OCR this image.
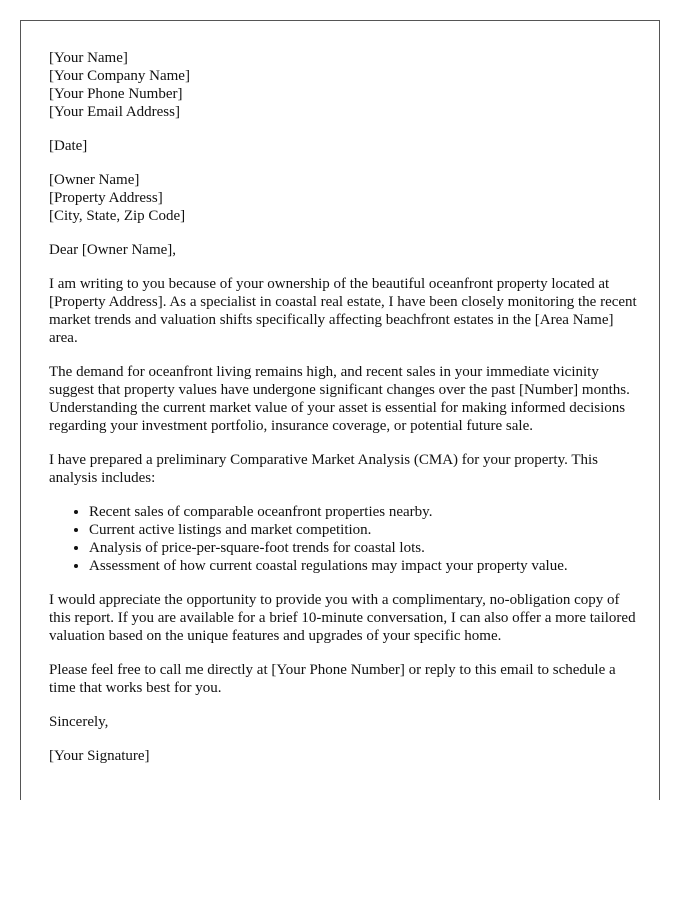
[Your Name]
[Your Company Name]
[Your Phone Number]
[Your Email Address]
[Date]
[Owner Name]
[Property Address]
[City, State, Zip Code]

Dear [Owner Name],

I am writing to you because of your ownership of the beautiful oceanfront property located at [Property Address]. As a specialist in coastal real estate, I have been closely monitoring the recent market trends and valuation shifts specifically affecting beachfront estates in the [Area Name] area.

The demand for oceanfront living remains high, and recent sales in your immediate vicinity suggest that property values have undergone significant changes over the past [Number] months. Understanding the current market value of your asset is essential for making informed decisions regarding your investment portfolio, insurance coverage, or potential future sale.

I have prepared a preliminary Comparative Market Analysis (CMA) for your property. This analysis includes:

• Recent sales of comparable oceanfront properties nearby.
• Current active listings and market competition.
• Analysis of price-per-square-foot trends for coastal lots.
• Assessment of how current coastal regulations may impact your property value.

I would appreciate the opportunity to provide you with a complimentary, no-obligation copy of this report. If you are available for a brief 10-minute conversation, I can also offer a more tailored valuation based on the unique features and upgrades of your specific home.

Please feel free to call me directly at [Your Phone Number] or reply to this email to schedule a time that works best for you.

Sincerely,

[Your Signature]
